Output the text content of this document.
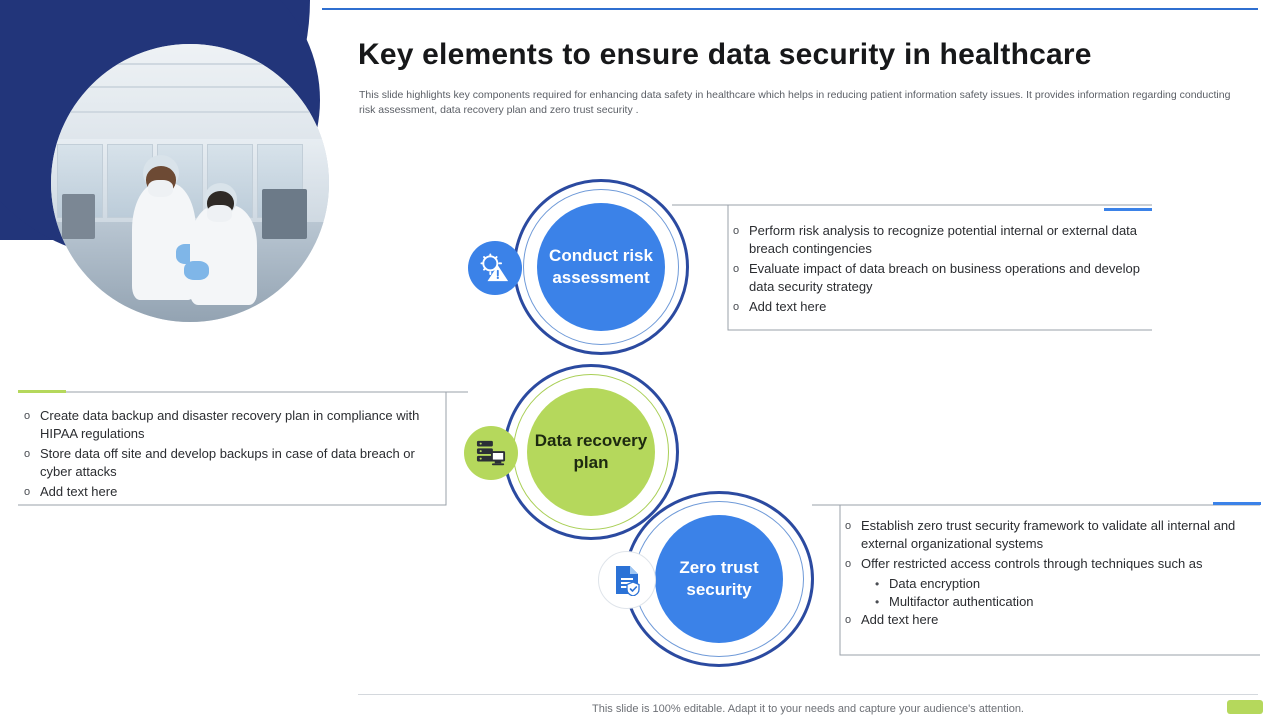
Key elements to ensure data security in healthcare
This slide highlights key components required for enhancing data safety in healthcare which helps in reducing patient information safety issues. It provides information regarding conducting risk assessment, data recovery plan and zero trust security .
Conduct risk assessment
o Perform risk analysis to recognize potential internal or external data breach contingencies
o Evaluate impact of data breach on business operations and develop data security strategy
o Add text here
Data recovery plan
o Create data backup and disaster recovery plan in compliance with HIPAA regulations
o Store data off site and develop backups in case of data breach or cyber attacks
o Add text here
Zero trust security
o Establish zero trust security framework to validate all internal and external organizational systems
o Offer restricted access controls through techniques such as
• Data encryption
• Multifactor authentication
o Add text here
This slide is 100% editable. Adapt it to your needs and capture your audience's attention.
